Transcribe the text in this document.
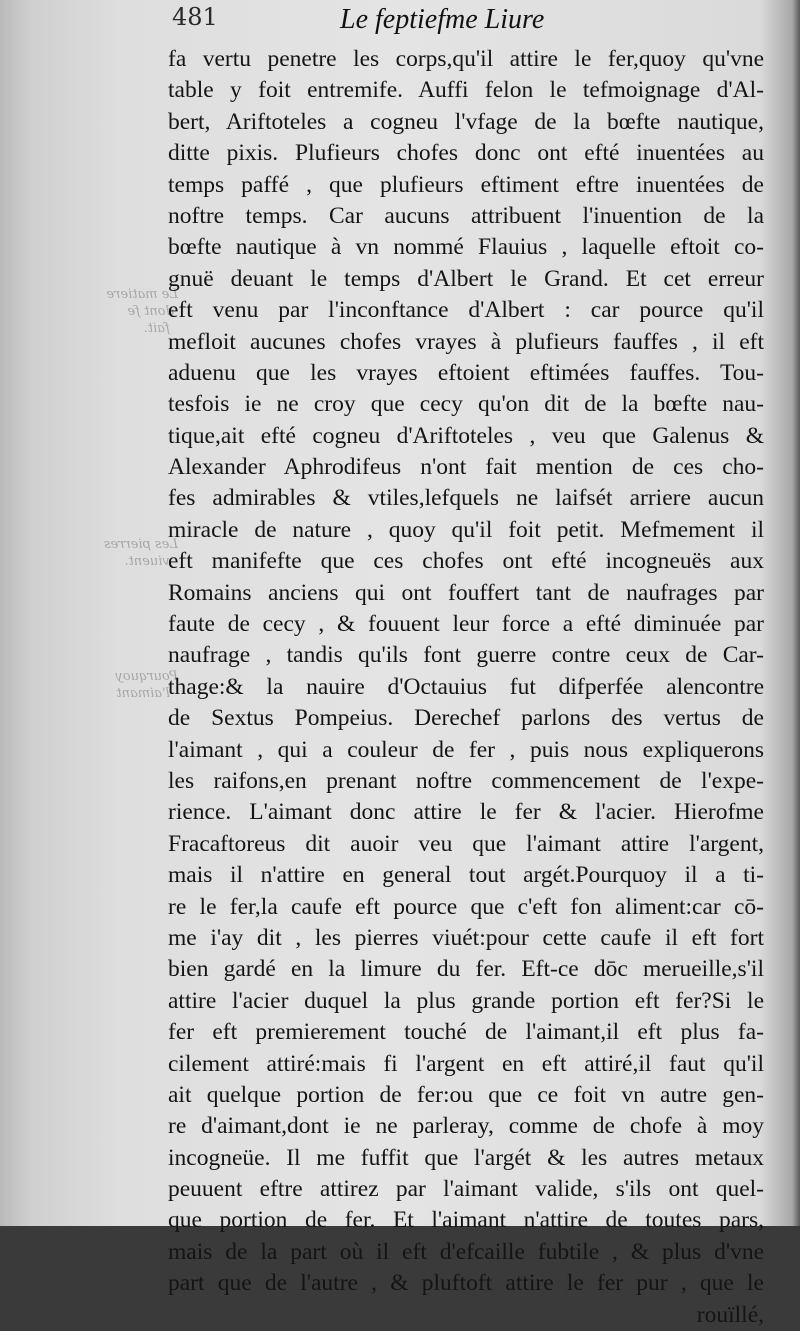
Le matiere
dont fe
fait.
Les pierres
viuent.
Pourquoy
l'aimant
481	Le feptiefme Liure
fa vertu penetre les corps,qu'il attire le fer,quoy qu'vne
table y foit entremife. Auffi felon le tefmoignage d'Al-
bert, Ariftoteles a cogneu l'vfage de la bœfte nautique,
ditte pixis. Plufieurs chofes donc ont efté inuentées au
temps paffé , que plufieurs eftiment eftre inuentées de
noftre temps. Car aucuns attribuent l'inuention de la
bœfte nautique à vn nommé Flauius , laquelle eftoit co-
gnuë deuant le temps d'Albert le Grand. Et cet erreur
eft venu par l'inconftance d'Albert : car pource qu'il
mefloit aucunes chofes vrayes à plufieurs fauffes , il eft
aduenu que les vrayes eftoient eftimées fauffes. Tou-
tesfois ie ne croy que cecy qu'on dit de la bœfte nau-
tique,ait efté cogneu d'Ariftoteles , veu que Galenus &
Alexander Aphrodifeus n'ont fait mention de ces cho-
fes admirables & vtiles,lefquels ne laifsét arriere aucun
miracle de nature , quoy qu'il foit petit. Mefmement il
eft manifefte que ces chofes ont efté incogneuës aux
Romains anciens qui ont fouffert tant de naufrages par
faute de cecy , & fouuent leur force a efté diminuée par
naufrage , tandis qu'ils font guerre contre ceux de Car-
thage:& la nauire d'Octauius fut difperfée alencontre
de Sextus Pompeius. Derechef parlons des vertus de
l'aimant , qui a couleur de fer , puis nous expliquerons
les raifons,en prenant noftre commencement de l'expe-
rience. L'aimant donc attire le fer & l'acier. Hierofme
Fracaftoreus dit auoir veu que l'aimant attire l'argent,
mais il n'attire en general tout argét.Pourquoy il a ti-
re le fer,la caufe eft pource que c'eft fon aliment:car cō-
me i'ay dit , les pierres viuét:pour cette caufe il eft fort
bien gardé en la limure du fer. Eft-ce dōc merueille,s'il
attire l'acier duquel la plus grande portion eft fer?Si le
fer eft premierement touché de l'aimant,il eft plus fa-
cilement attiré:mais fi l'argent en eft attiré,il faut qu'il
ait quelque portion de fer:ou que ce foit vn autre gen-
re d'aimant,dont ie ne parleray, comme de chofe à moy
incogneüe. Il me fuffit que l'argét & les autres metaux
peuuent eftre attirez par l'aimant valide, s'ils ont quel-
que portion de fer. Et l'aimant n'attire de toutes pars,
mais de la part où il eft d'efcaille fubtile , & plus d'vne
part que de l'autre , & pluftoft attire le fer pur , que le
rouïllé,
